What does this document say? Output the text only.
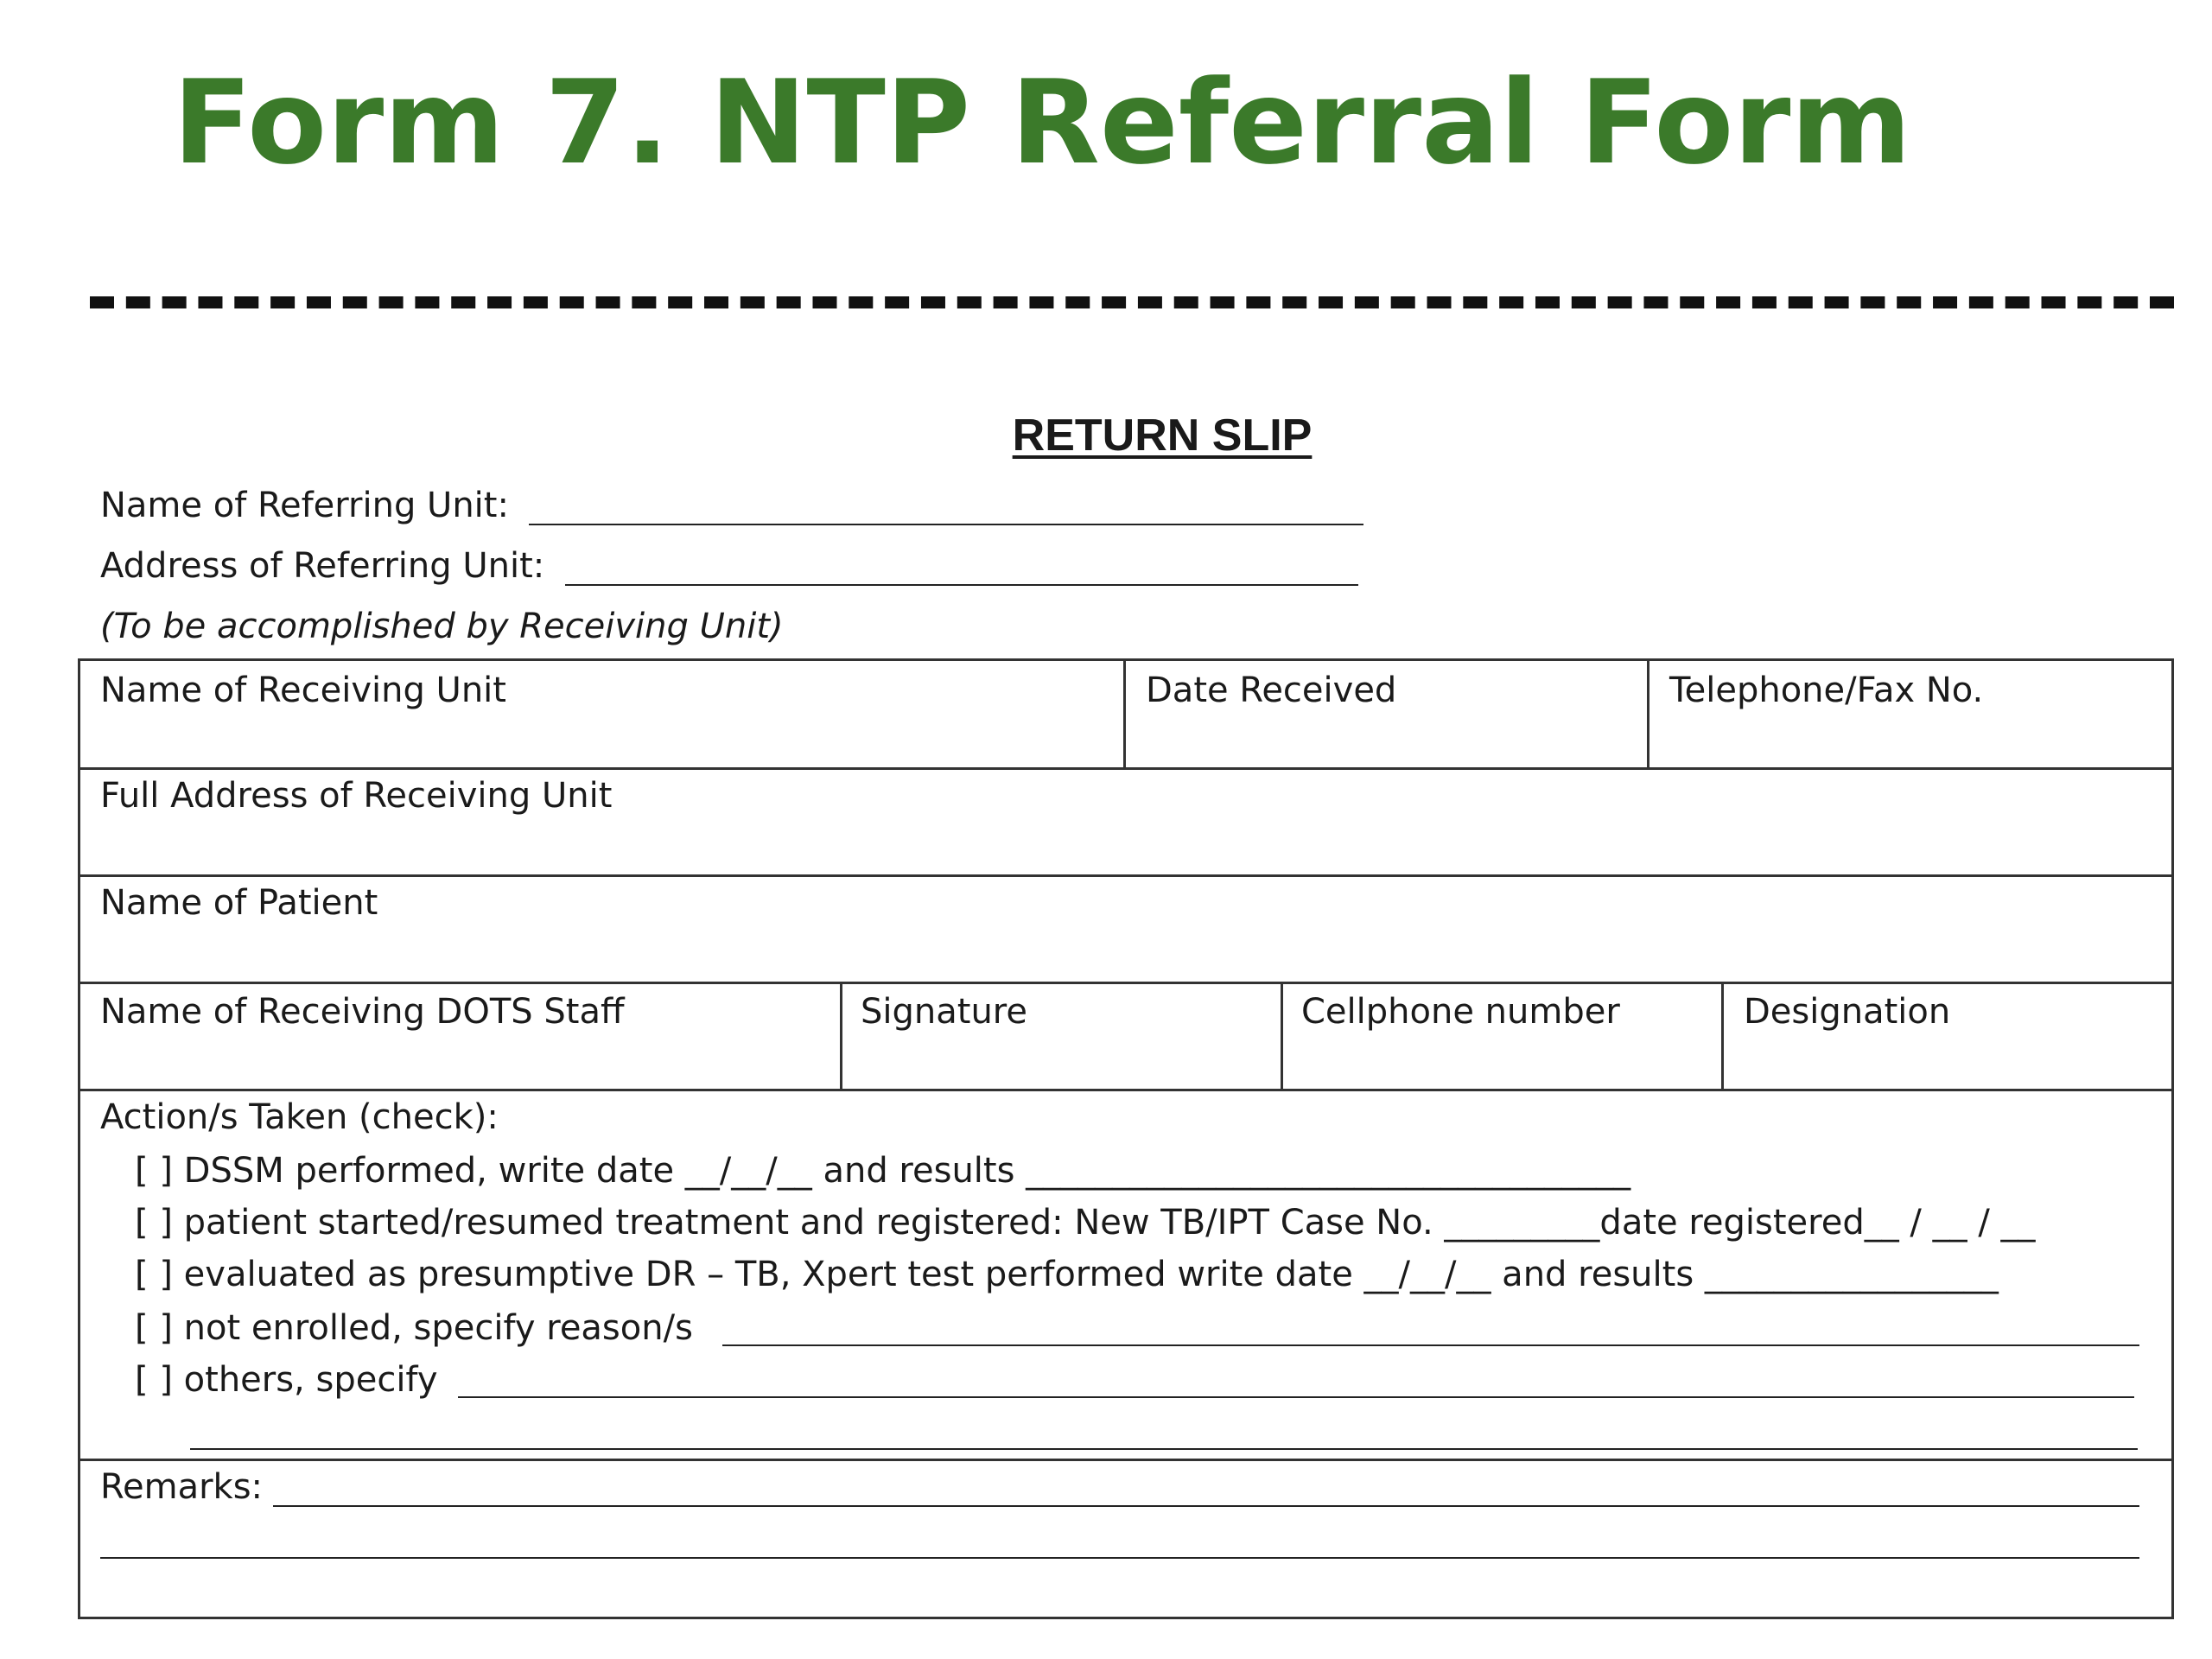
Form 7. NTP Referral Form
RETURN SLIP
Name of Referring Unit:
Address of Referring Unit:
(To be accomplished by Receiving Unit)
Name of Receiving Unit	Date Received	Telephone/Fax No.
Full Address of Receiving Unit
Name of Patient
Name of Receiving DOTS Staff	Signature	Cellphone number	Designation
Action/s Taken (check):
[ ] DSSM performed, write date __/__/__ and results ___________________________________
[ ] patient started/resumed treatment and registered: New TB/IPT Case No. _________date registered__ / __ / __
[ ] evaluated as presumptive DR – TB, Xpert test performed write date __/__/__ and results _________________
[ ] not enrolled, specify reason/s
[ ] others, specify
Remarks:
